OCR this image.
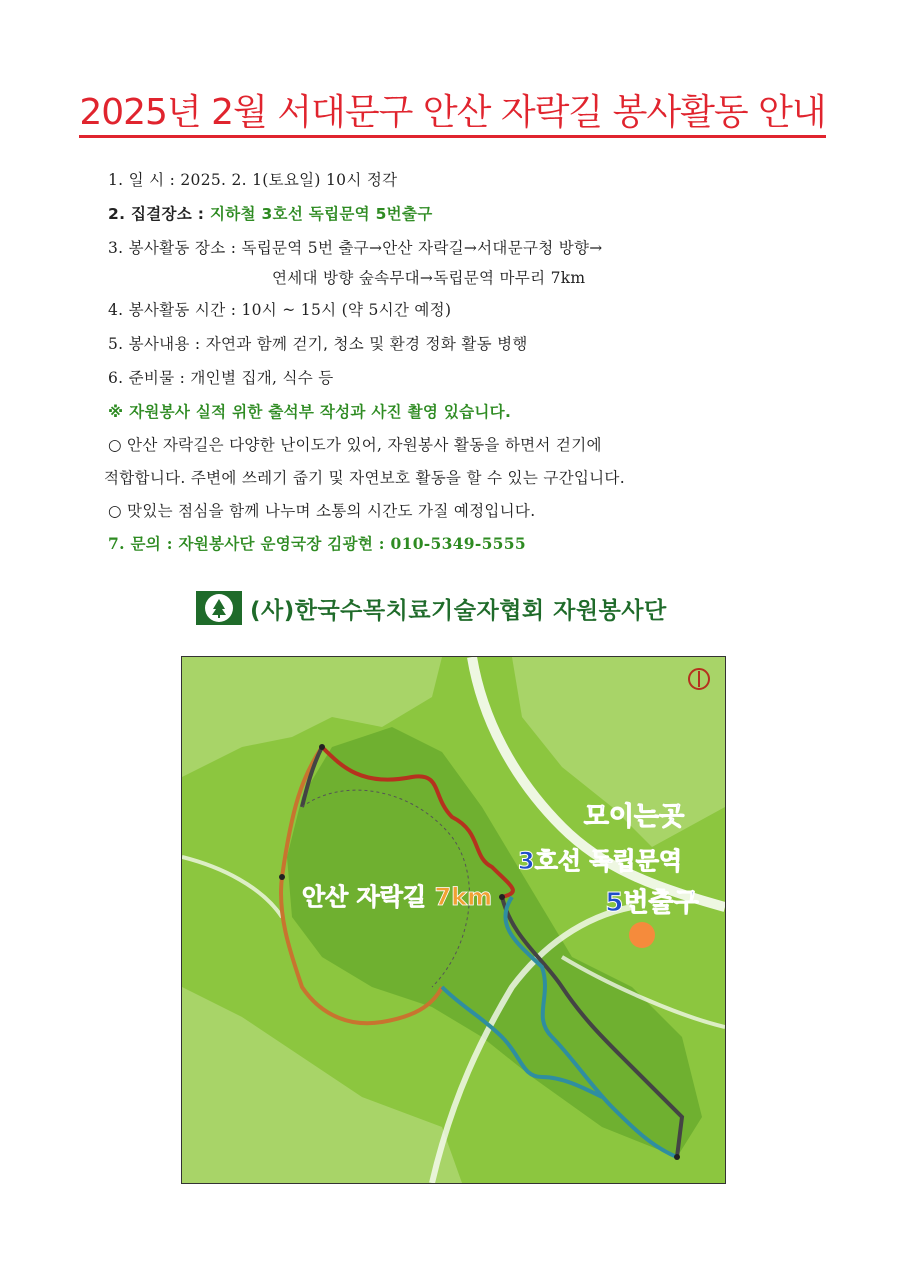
2025년 2월 서대문구 안산 자락길 봉사활동 안내
1. 일 시 : 2025. 2. 1(토요일) 10시 정각
2. 집결장소 : 지하철 3호선 독립문역 5번출구
3. 봉사활동 장소 : 독립문역 5번 출구→안산 자락길→서대문구청 방향→
연세대 방향 숲속무대→독립문역 마무리 7km
4. 봉사활동 시간 : 10시 ~ 15시 (약 5시간 예정)
5. 봉사내용 : 자연과 함께 걷기, 청소 및 환경 정화 활동 병행
6. 준비물 : 개인별 집개, 식수 등
※ 자원봉사 실적 위한 출석부 작성과 사진 촬영 있습니다.
○ 안산 자락길은 다양한 난이도가 있어, 자원봉사 활동을 하면서 걷기에
적합합니다. 주변에 쓰레기 줍기 및 자연보호 활동을 할 수 있는 구간입니다.
○ 맛있는 점심을 함께 나누며 소통의 시간도 가질 예정입니다.
7. 문의 : 자원봉사단 운영국장 김광현 : 010-5349-5555
(사)한국수목치료기술자협회 자원봉사단
모이는곳
3호선 독립문역
5번출구
안산 자락길 7km
